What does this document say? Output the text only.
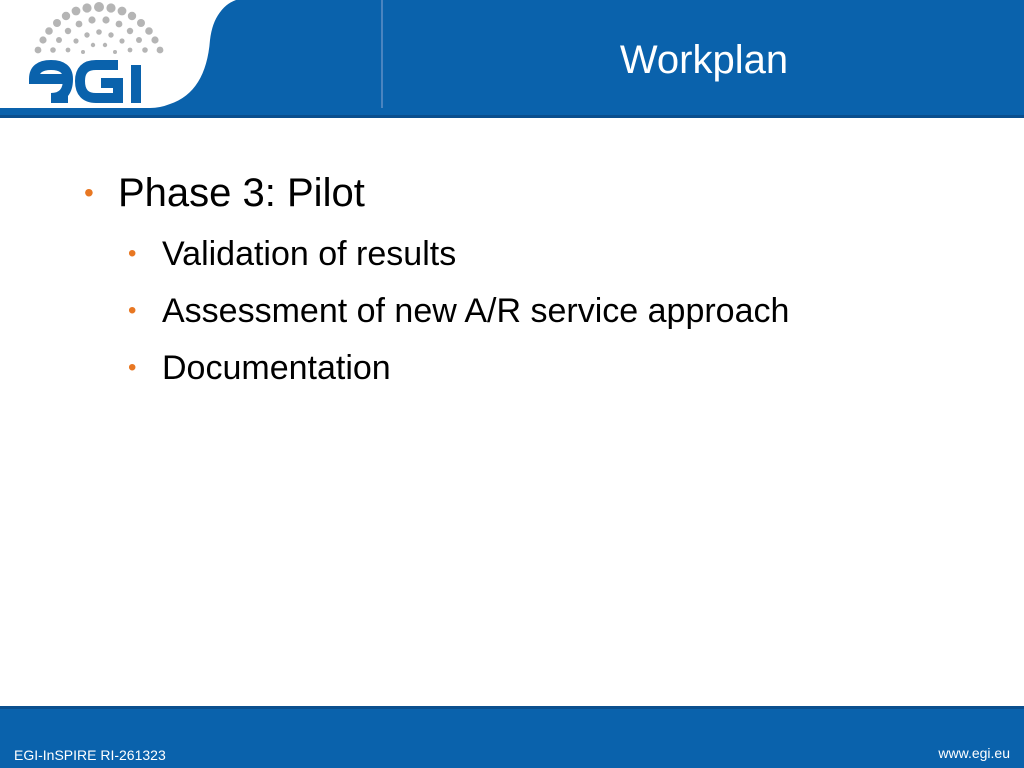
Workplan
• Phase 3: Pilot
• Validation of results
• Assessment of new A/R service approach
• Documentation
EGI-InSPIRE RI-261323	www.egi.eu
